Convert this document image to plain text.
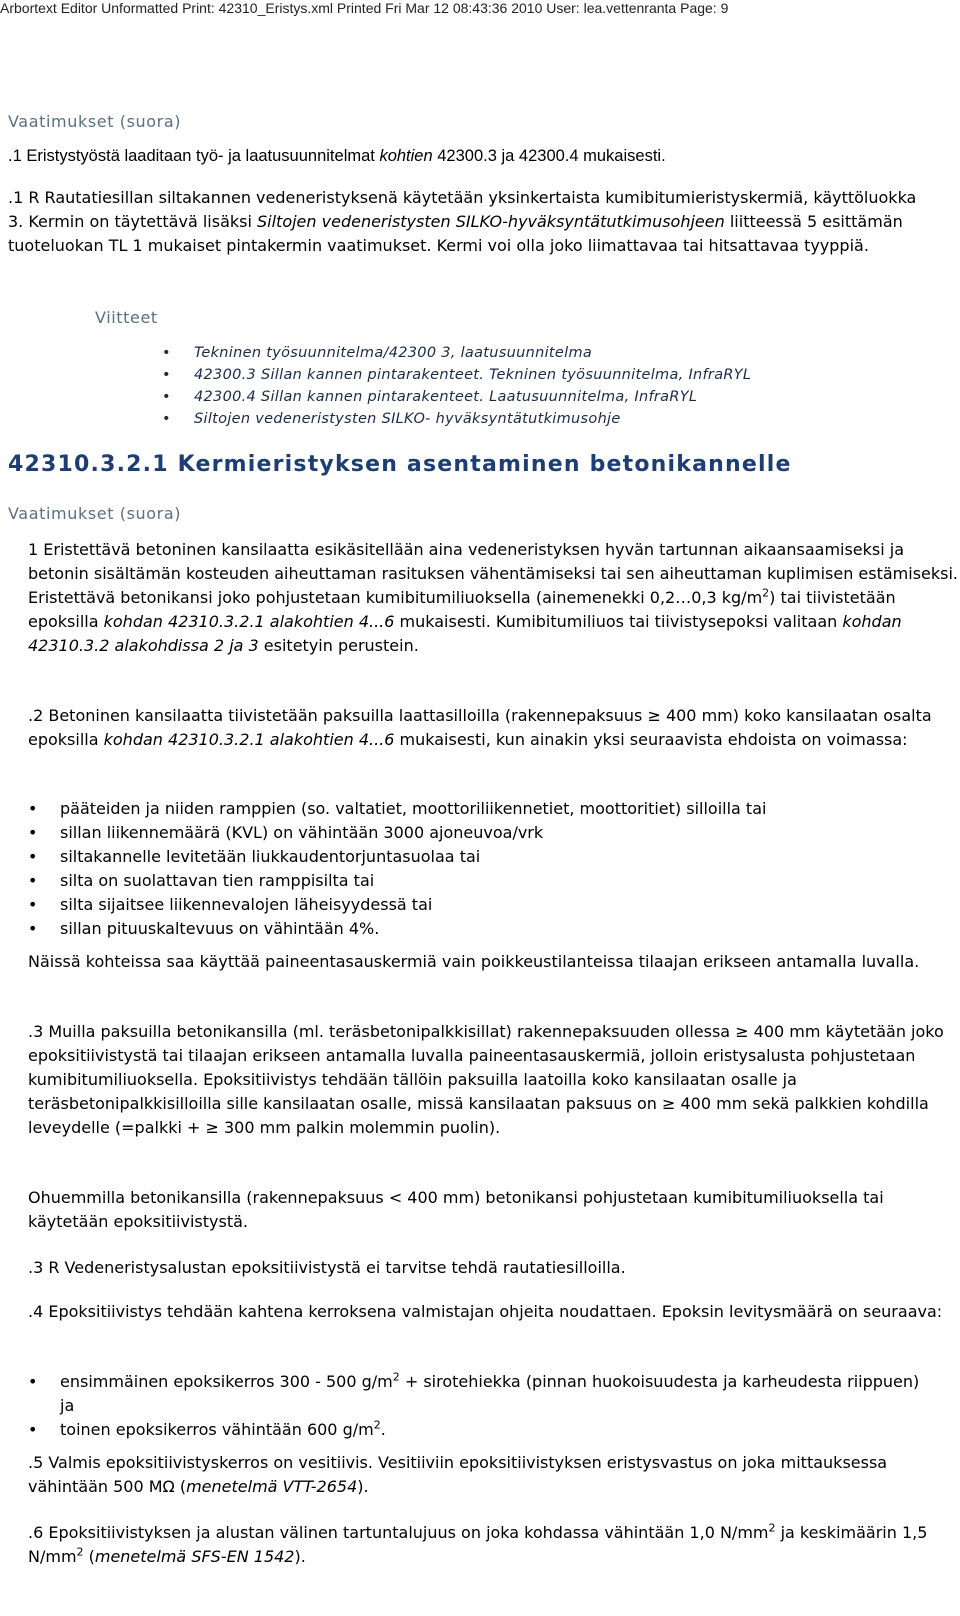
Arbortext Editor Unformatted Print: 42310_Eristys.xml Printed Fri Mar 12 08:43:36 2010 User: lea.vettenranta Page: 9
Vaatimukset (suora)

.1 Eristystyöstä laaditaan työ- ja laatusuunnitelmat kohtien 42300.3 ja 42300.4 mukaisesti.

.1 R Rautatiesillan siltakannen vedeneristyksenä käytetään yksinkertaista kumibitumieristyskermiä, käyttöluokka 3. Kermin on täytettävä lisäksi Siltojen vedeneristysten SILKO-hyväksyntätutkimusohjeen liitteessä 5 esittämän tuoteluokan TL 1 mukaiset pintakermin vaatimukset. Kermi voi olla joko liimattavaa tai hitsattavaa tyyppiä.

Viitteet
• Tekninen työsuunnitelma/42300 3, laatusuunnitelma
• 42300.3 Sillan kannen pintarakenteet. Tekninen työsuunnitelma, InfraRYL
• 42300.4 Sillan kannen pintarakenteet. Laatusuunnitelma, InfraRYL
• Siltojen vedeneristysten SILKO- hyväksyntätutkimusohje
42310.3.2.1 Kermieristyksen asentaminen betonikannelle
Vaatimukset (suora)

1 Eristettävä betoninen kansilaatta esikäsitellään aina vedeneristyksen hyvän tartunnan aikaansaamiseksi ja betonin sisältämän kosteuden aiheuttaman rasituksen vähentämiseksi tai sen aiheuttaman kuplimisen estämiseksi. Eristettävä betonikansi joko pohjustetaan kumibitumiliuoksella (ainemenekki 0,2…0,3 $kg/m^2$) tai tiivistetään epoksilla kohdan 42310.3.2.1 alakohtien 4...6 mukaisesti. Kumibitumiliuos tai tiivistysepoksi valitaan kohdan 42310.3.2 alakohdissa 2 ja 3 esitetyin perustein.

.2 Betoninen kansilaatta tiivistetään paksuilla laattasilloilla (rakennepaksuus ≥ 400 mm) koko kansilaatan osalta epoksilla kohdan 42310.3.2.1 alakohtien 4...6 mukaisesti, kun ainakin yksi seuraavista ehdoista on voimassa:

• pääteiden ja niiden ramppien (so. valtatiet, moottoriliikennetiet, moottoritiet) silloilla tai
• sillan liikennemäärä (KVL) on vähintään 3000 ajoneuvoa/vrk
• siltakannelle levitetään liukkaudentorjuntasuolaa tai
• silta on suolattavan tien ramppisilta tai
• silta sijaitsee liikennevalojen läheisyydessä tai
• sillan pituuskaltevuus on vähintään 4%.

Näissä kohteissa saa käyttää paineentasauskermiä vain poikkeustilanteissa tilaajan erikseen antamalla luvalla.

.3 Muilla paksuilla betonikansilla (ml. teräsbetonipalkkisillat) rakennepaksuuden ollessa ≥ 400 mm käytetään joko epoksitiivistystä tai tilaajan erikseen antamalla luvalla paineentasauskermiä, jolloin eristysalusta pohjustetaan kumibitumiliuoksella. Epoksitiivistys tehdään tällöin paksuilla laatoilla koko kansilaatan osalle ja teräsbetonipalkkisilloilla sille kansilaatan osalle, missä kansilaatan paksuus on ≥ 400 mm sekä palkkien kohdilla leveydelle (=palkki + ≥ 300 mm palkin molemmin puolin).

Ohuemmilla betonikansilla (rakennepaksuus < 400 mm) betonikansi pohjustetaan kumibitumiliuoksella tai käytetään epoksitiivistystä.

.3 R Vedeneristysalustan epoksitiivistystä ei tarvitse tehdä rautatiesilloilla.

.4 Epoksitiivistys tehdään kahtena kerroksena valmistajan ohjeita noudattaen. Epoksin levitysmäärä on seuraava:

• ensimmäinen epoksikerros 300 - 500 $g/m^2$ + sirotehiekka (pinnan huokoisuudesta ja karheudesta riippuen) ja
• toinen epoksikerros vähintään 600 $g/m^2$.

.5 Valmis epoksitiivistyskerros on vesitiivis. Vesitiiviin epoksitiivistyksen eristysvastus on joka mittauksessa vähintään 500 MΩ (menetelmä VTT-2654).

.6 Epoksitiivistyksen ja alustan välinen tartuntalujuus on joka kohdassa vähintään 1,0 $N/mm^2$ ja keskimäärin 1,5 $N/mm^2$ (menetelmä SFS-EN 1542).
